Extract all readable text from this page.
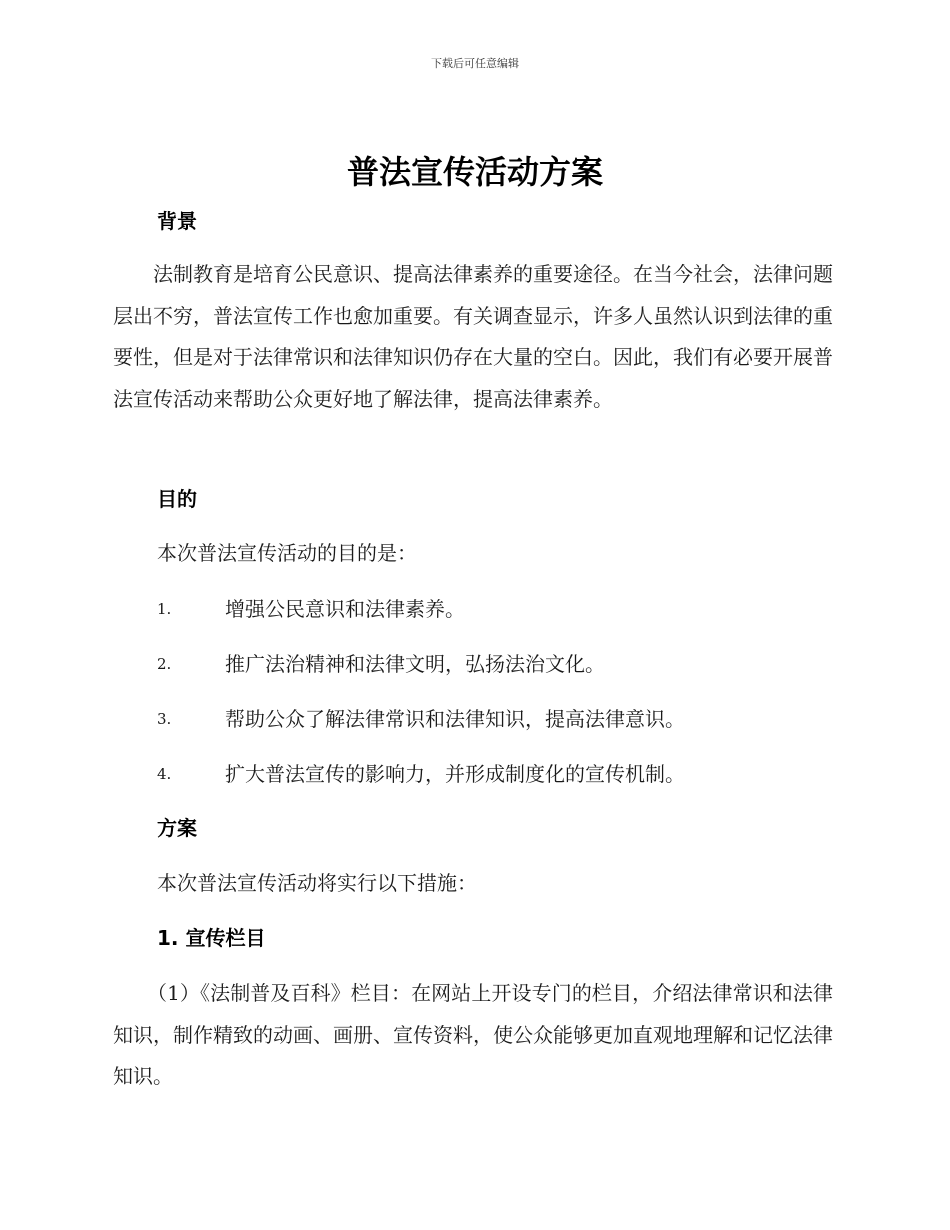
下载后可任意编辑
普法宣传活动方案
背景

法制教育是培育公民意识、提高法律素养的重要途径。在当今社会，法律问题层出不穷，普法宣传工作也愈加重要。有关调查显示，许多人虽然认识到法律的重要性，但是对于法律常识和法律知识仍存在大量的空白。因此，我们有必要开展普法宣传活动来帮助公众更好地了解法律，提高法律素养。

目的

本次普法宣传活动的目的是：

1.	增强公民意识和法律素养。
2.	推广法治精神和法律文明，弘扬法治文化。
3.	帮助公众了解法律常识和法律知识，提高法律意识。
4.	扩大普法宣传的影响力，并形成制度化的宣传机制。
方案

本次普法宣传活动将实行以下措施：

1. 宣传栏目

（1）《法制普及百科》栏目：在网站上开设专门的栏目，介绍法律常识和法律知识，制作精致的动画、画册、宣传资料，使公众能够更加直观地理解和记忆法律知识。
